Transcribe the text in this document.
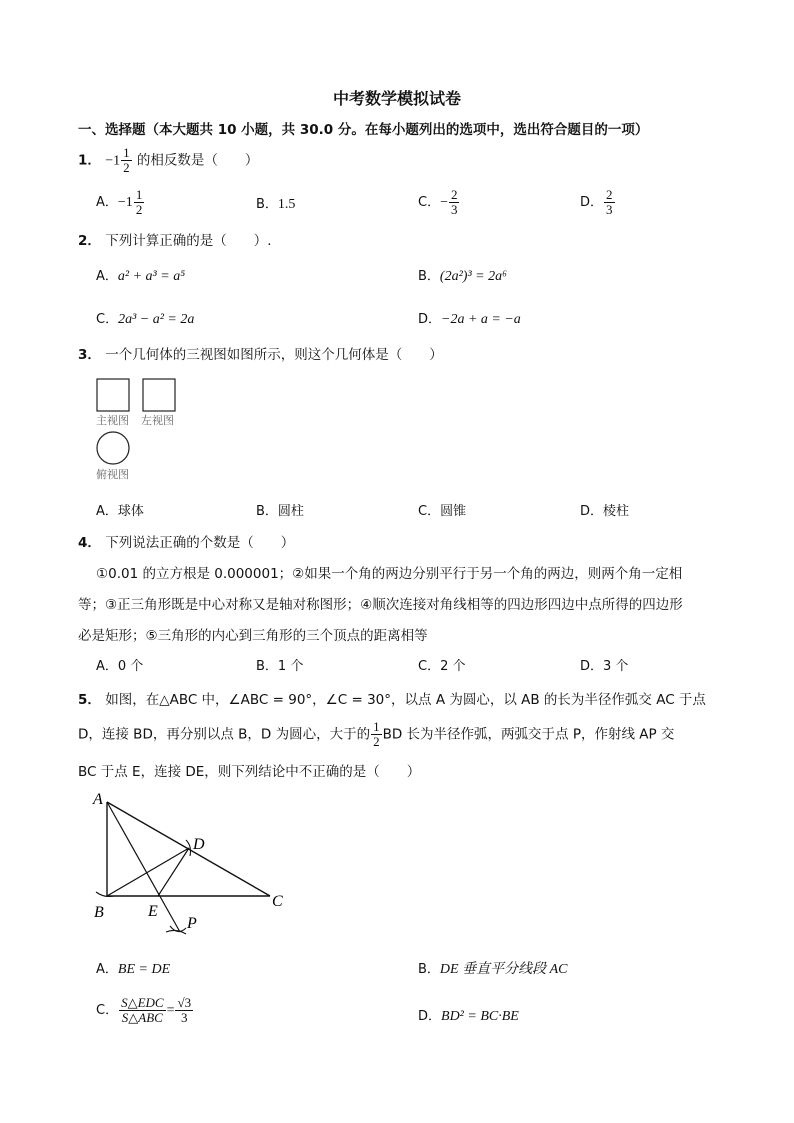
中考数学模拟试卷
一、选择题（本大题共 10 小题，共 30.0 分。在每小题列出的选项中，选出符合题目的一项）
1． $-1 \frac{1}{2}$ 的相反数是（　　）
A．$-1 \frac{1}{2}$	B．1.5	C．− $\frac{2}{3}$	D． $\frac{2}{3}$
2． 下列计算正确的是（　　）.
A．a² + a³ = a⁵	B．(2a²)³ = 2a⁶
C．2a³ − a² = 2a	D．−2a + a = −a
3． 一个几何体的三视图如图所示，则这个几何体是（　　）
主视图 左视图
俯视图
A．球体	B．圆柱	C．圆锥	D．棱柱
4． 下列说法正确的个数是（　　）
①0.01 的立方根是 0.000001；②如果一个角的两边分别平行于另一个角的两边，则两个角一定相
等；③正三角形既是中心对称又是轴对称图形；④顺次连接对角线相等的四边形四边中点所得的四边形
必是矩形；⑤三角形的内心到三角形的三个顶点的距离相等
A．0 个	B．1 个	C．2 个	D．3 个
5． 如图，在△ABC 中，∠ABC = 90°，∠C = 30°，以点 A 为圆心，以 AB 的长为半径作弧交 AC 于点
D，连接 BD，再分别以点 B，D 为圆心，大于的 $\frac{1}{2}$ BD 长为半径作弧，两弧交于点 P，作射线 AP 交
BC 于点 E，连接 DE，则下列结论中不正确的是（　　）
A
B
C
D
E
P
A．BE = DE	B．DE 垂直平分线段 AC
C． $\frac{\text{S△EDC}}{\text{S△ABC}} = \frac{√3}{3}$	D．BD² = BC·BE
